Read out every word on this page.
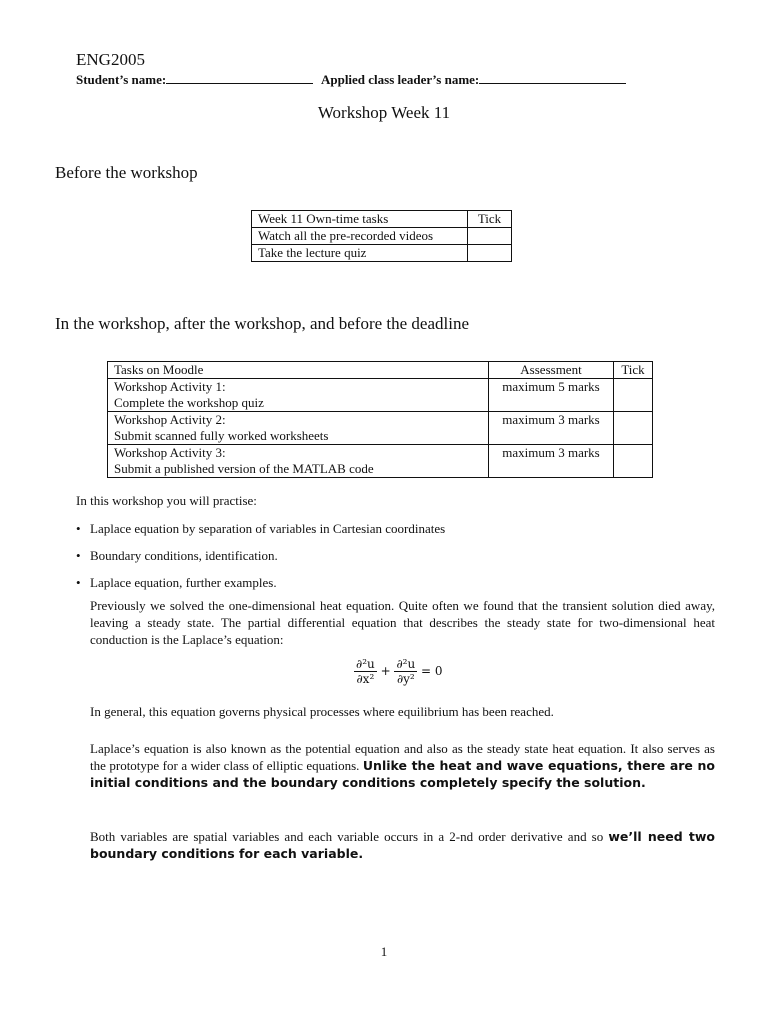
ENG2005
Student’s name:	Applied class leader’s name:
Workshop Week 11
Before the workshop
Week 11 Own-time tasks	Tick
Watch all the pre-recorded videos	
Take the lecture quiz	
In the workshop, after the workshop, and before the deadline
Tasks on Moodle	Assessment	Tick

Workshop Activity 1:
Complete the workshop quiz	maximum 5 marks	

Workshop Activity 2:
Submit scanned fully worked worksheets	maximum 3 marks	

Workshop Activity 3:
Submit a published version of the MATLAB code	maximum 3 marks	
In this workshop you will practise:
• Laplace equation by separation of variables in Cartesian coordinates
• Boundary conditions, identification.
• Laplace equation, further examples.
Previously we solved the one-dimensional heat equation. Quite often we found that the transient solution died away, leaving a steady state. The partial differential equation that describes the steady state for two-dimensional heat conduction is the Laplace’s equation:
$\frac{\text{∂²u}}{\text{∂x²}} + \frac{\text{∂²u}}{\text{∂y²}} = 0$
In general, this equation governs physical processes where equilibrium has been reached.
Laplace’s equation is also known as the potential equation and also as the steady state heat equation. It also serves as the prototype for a wider class of elliptic equations. Unlike the heat and wave equations, there are no initial conditions and the boundary conditions completely specify the solution.
Both variables are spatial variables and each variable occurs in a 2-nd order derivative and so we’ll need two boundary conditions for each variable.
1
